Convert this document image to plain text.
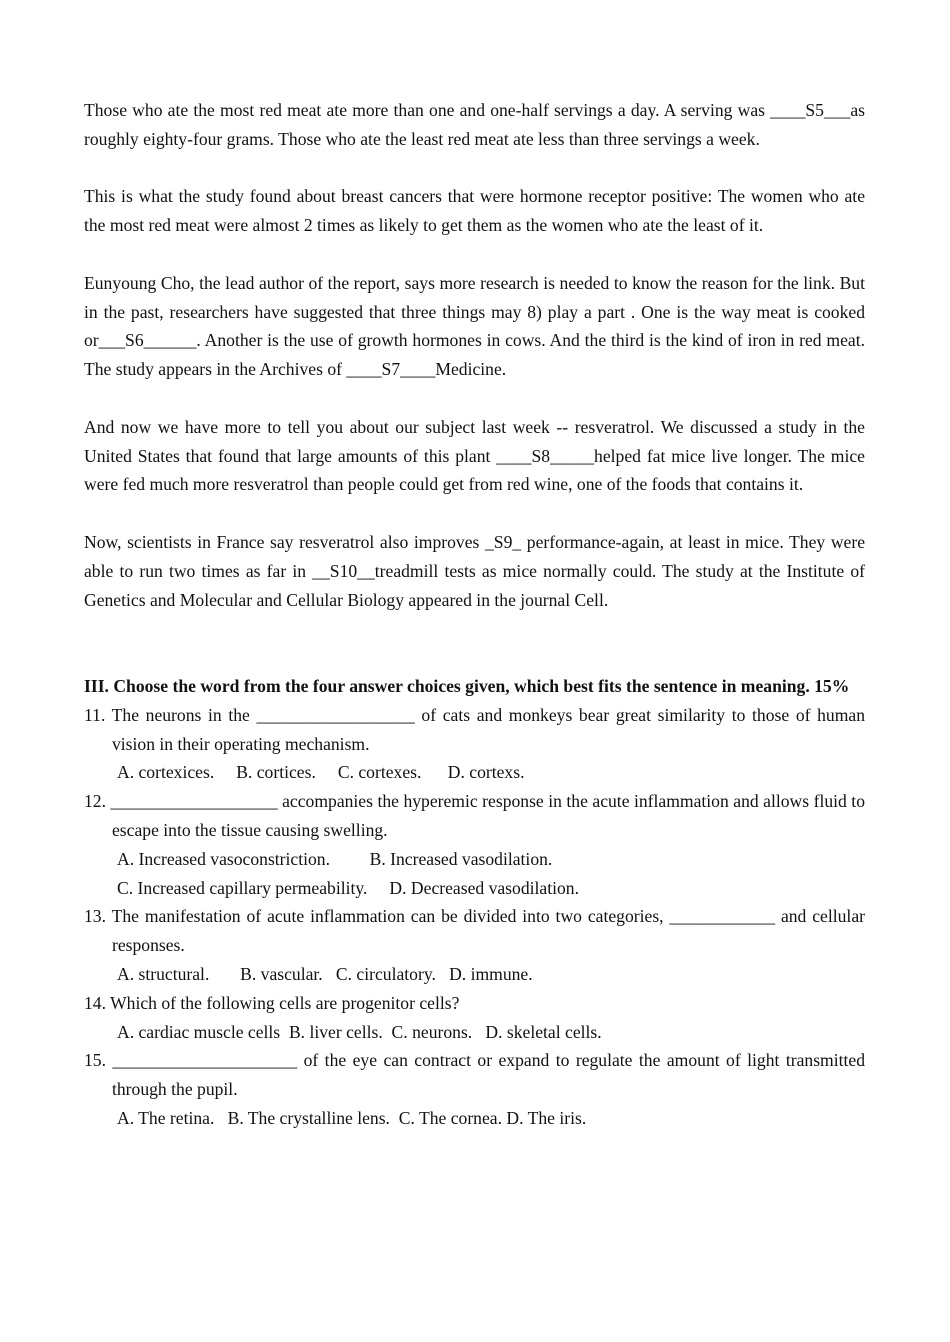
Those who ate the most red meat ate more than one and one-half servings a day. A serving was ____S5___as roughly eighty-four grams. Those who ate the least red meat ate less than three servings a week.

This is what the study found about breast cancers that were hormone receptor positive: The women who ate the most red meat were almost 2 times as likely to get them as the women who ate the least of it.

Eunyoung Cho, the lead author of the report, says more research is needed to know the reason for the link. But in the past, researchers have suggested that three things may 8) play a part . One is the way meat is cooked or___S6______. Another is the use of growth hormones in cows. And the third is the kind of iron in red meat. The study appears in the Archives of ____S7____Medicine.

And now we have more to tell you about our subject last week -- resveratrol. We discussed a study in the United States that found that large amounts of this plant ____S8_____helped fat mice live longer. The mice were fed much more resveratrol than people could get from red wine, one of the foods that contains it.

Now, scientists in France say resveratrol also improves _S9_ performance-again, at least in mice. They were able to run two times as far in __S10__treadmill tests as mice normally could. The study at the Institute of Genetics and Molecular and Cellular Biology appeared in the journal Cell.

III. Choose the word from the four answer choices given, which best fits the sentence in meaning. 15%

11. The neurons in the __________________ of cats and monkeys bear great similarity to those of human vision in their operating mechanism.

A. cortexices.     B. cortices.     C. cortexes.      D. cortexs.

12. ___________________ accompanies the hyperemic response in the acute inflammation and allows fluid to escape into the tissue causing swelling.

A. Increased vasoconstriction.         B. Increased vasodilation.

C. Increased capillary permeability.     D. Decreased vasodilation.

13. The manifestation of acute inflammation can be divided into two categories, ____________ and cellular responses.

A. structural.       B. vascular.   C. circulatory.   D. immune.

14. Which of the following cells are progenitor cells?

A. cardiac muscle cells  B. liver cells.  C. neurons.   D. skeletal cells.

15. _____________________ of the eye can contract or expand to regulate the amount of light transmitted through the pupil.

A. The retina.   B. The crystalline lens.  C. The cornea. D. The iris.
